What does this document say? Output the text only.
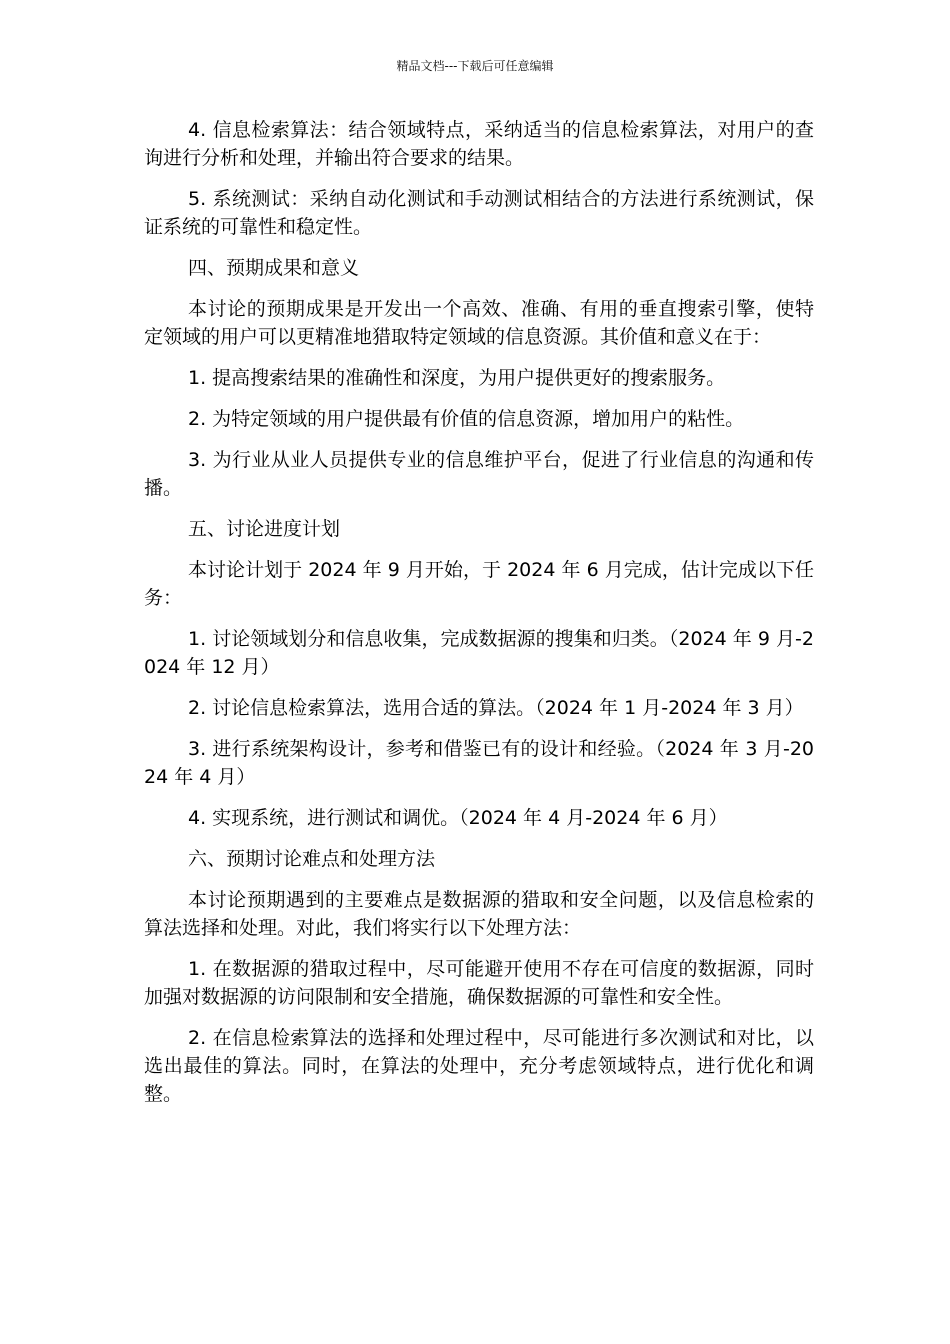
精品文档---下载后可任意编辑

4. 信息检索算法：结合领域特点，采纳适当的信息检索算法，对用户的查询进行分析和处理，并输出符合要求的结果。

5. 系统测试：采纳自动化测试和手动测试相结合的方法进行系统测试，保证系统的可靠性和稳定性。

四、预期成果和意义

本讨论的预期成果是开发出一个高效、准确、有用的垂直搜索引擎，使特定领域的用户可以更精准地猎取特定领域的信息资源。其价值和意义在于：

1. 提高搜索结果的准确性和深度，为用户提供更好的搜索服务。

2. 为特定领域的用户提供最有价值的信息资源，增加用户的粘性。

3. 为行业从业人员提供专业的信息维护平台，促进了行业信息的沟通和传播。

五、讨论进度计划

本讨论计划于 2024 年 9 月开始，于 2024 年 6 月完成，估计完成以下任务：

1. 讨论领域划分和信息收集，完成数据源的搜集和归类。（2024 年 9 月-2024 年 12 月）

2. 讨论信息检索算法，选用合适的算法。（2024 年 1 月-2024 年 3 月）

3. 进行系统架构设计，参考和借鉴已有的设计和经验。（2024 年 3 月-2024 年 4 月）

4. 实现系统，进行测试和调优。（2024 年 4 月-2024 年 6 月）

六、预期讨论难点和处理方法

本讨论预期遇到的主要难点是数据源的猎取和安全问题，以及信息检索的算法选择和处理。对此，我们将实行以下处理方法：

1. 在数据源的猎取过程中，尽可能避开使用不存在可信度的数据源，同时加强对数据源的访问限制和安全措施，确保数据源的可靠性和安全性。

2. 在信息检索算法的选择和处理过程中，尽可能进行多次测试和对比，以选出最佳的算法。同时，在算法的处理中，充分考虑领域特点，进行优化和调整。
